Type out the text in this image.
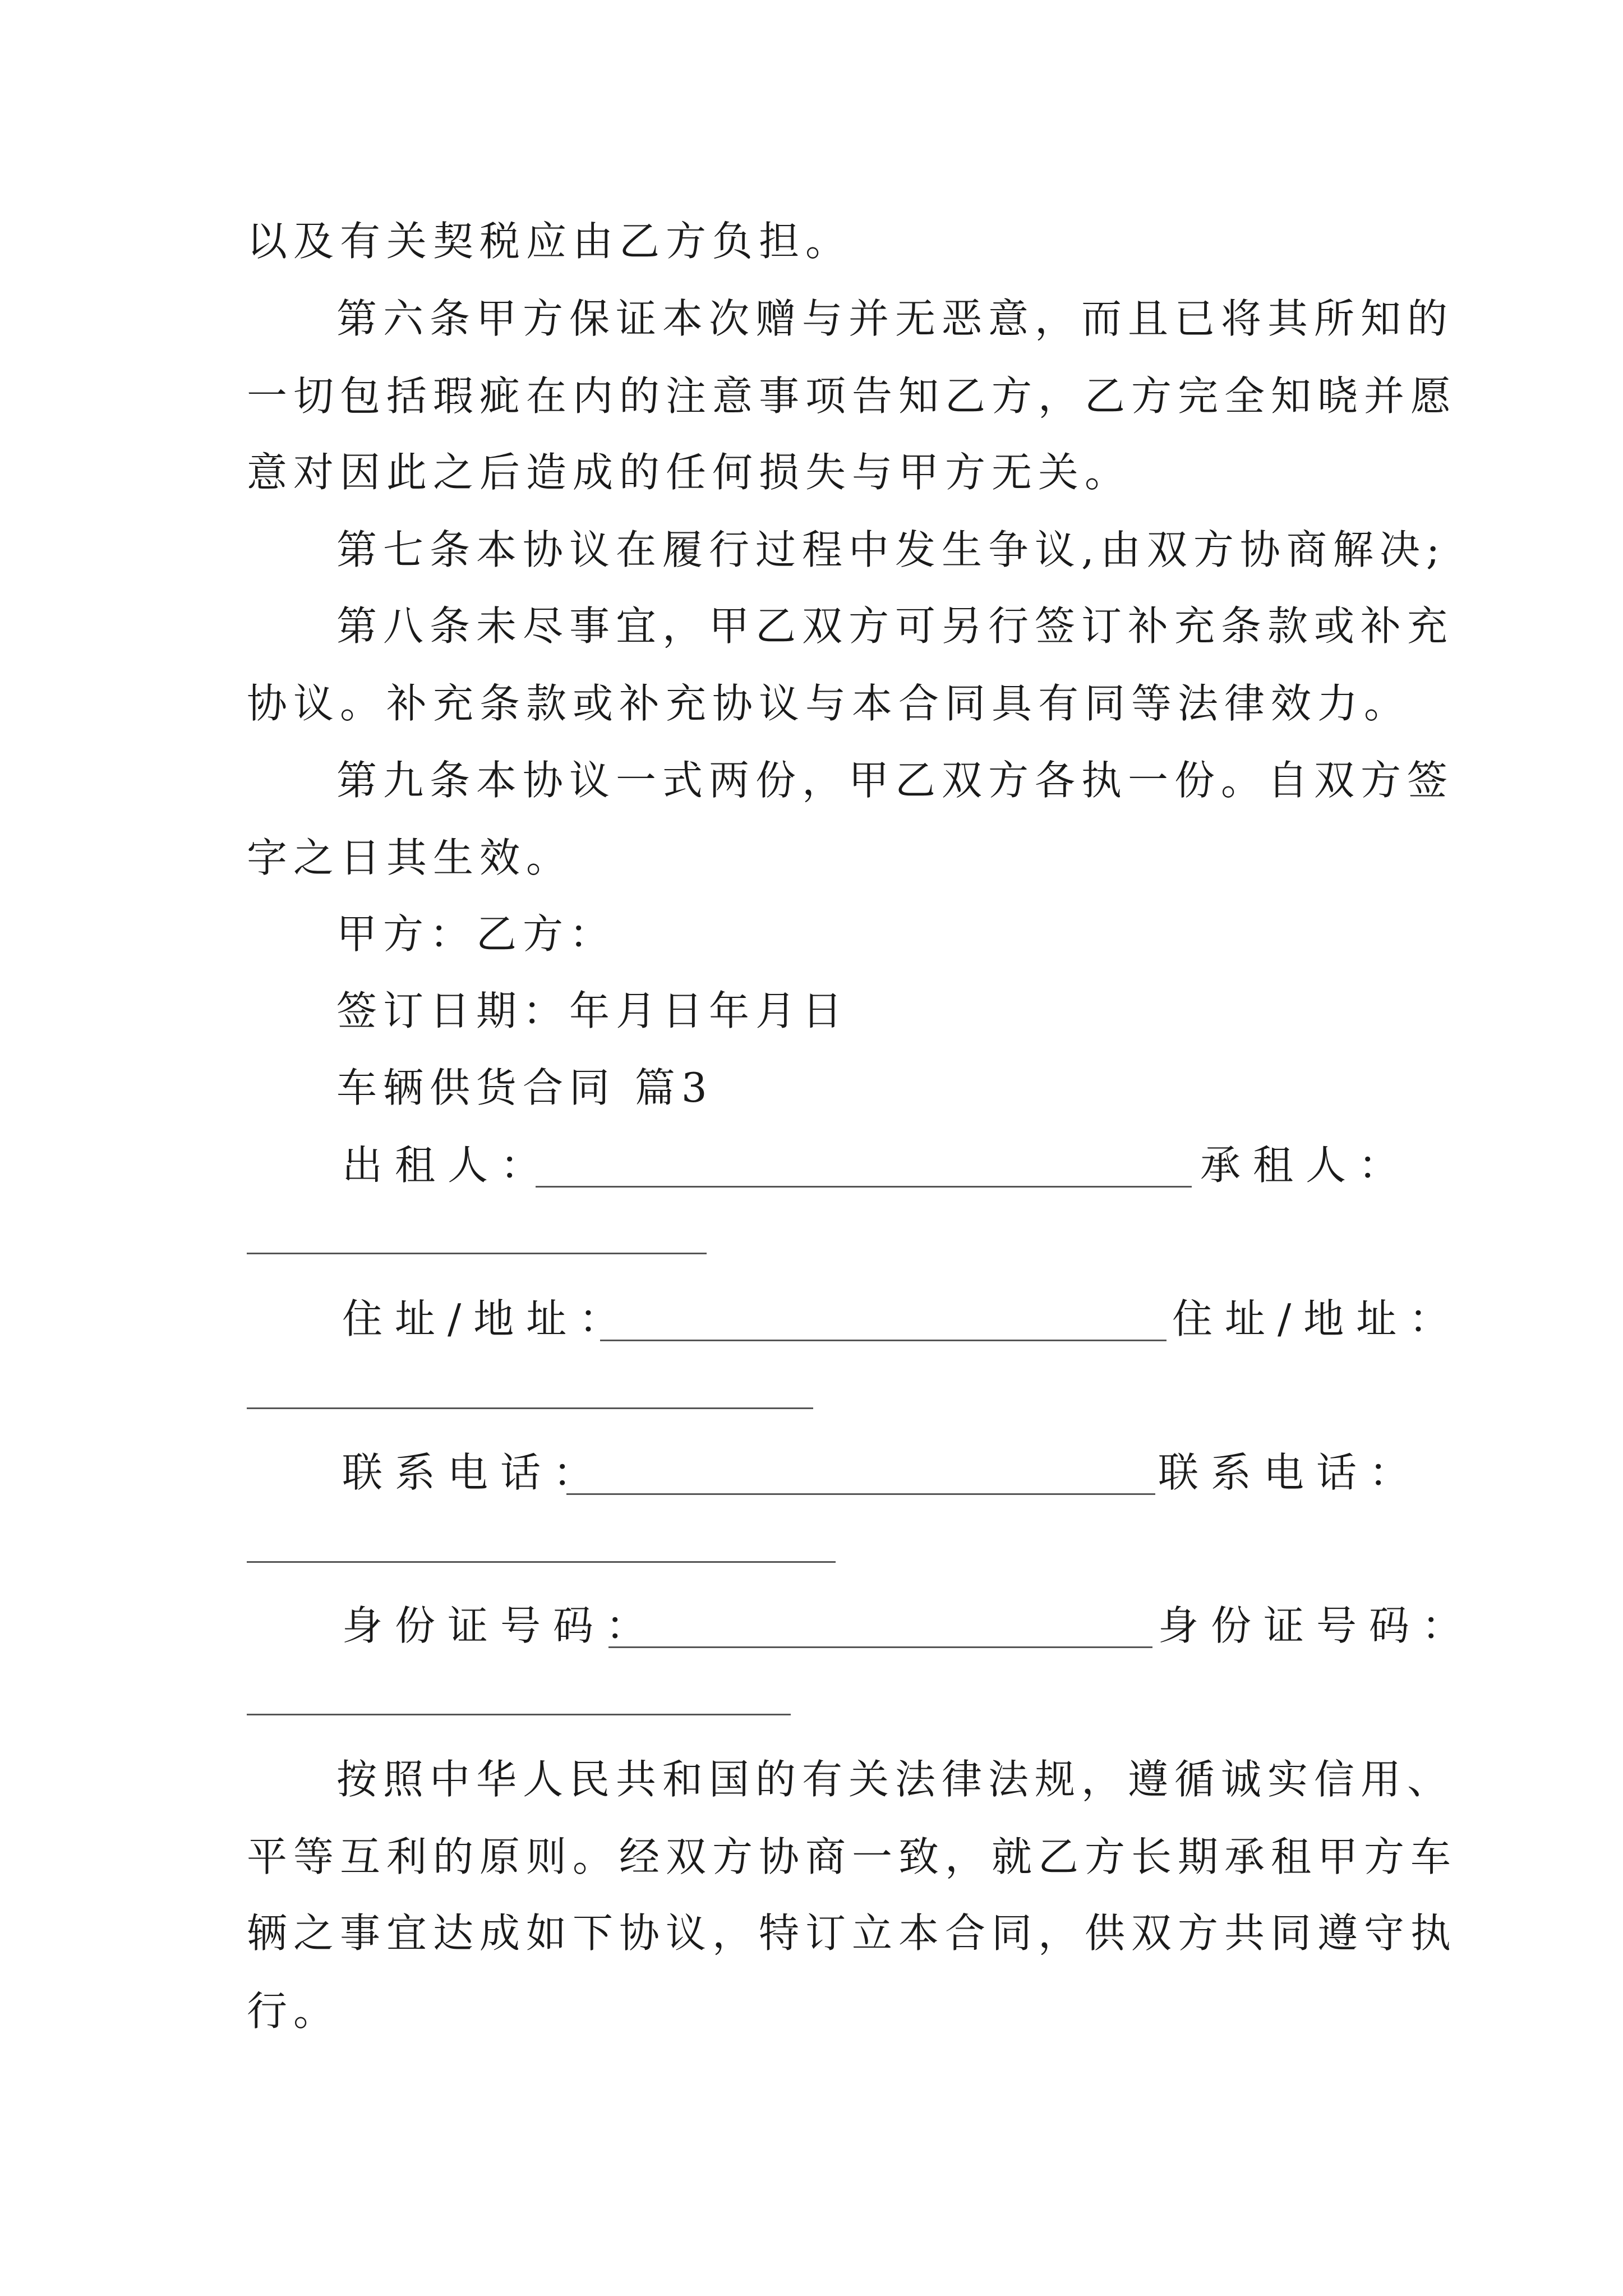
以及有关契税应由乙方负担。
第六条甲方保证本次赠与并无恶意，而且已将其所知的
一切包括瑕疵在内的注意事项告知乙方，乙方完全知晓并愿
意对因此之后造成的任何损失与甲方无关。
第七条本协议在履行过程中发生争议,由双方协商解决;
第八条未尽事宜，甲乙双方可另行签订补充条款或补充
协议。补充条款或补充协议与本合同具有同等法律效力。
第九条本协议一式两份，甲乙双方各执一份。自双方签
字之日其生效。
甲方：乙方：
签订日期：年月日年月日
车辆供货合同 篇3
出租人：	承租人：
住址/地址：	住址/地址：
联系电话：	联系电话：
身份证号码：	身份证号码：
按照中华人民共和国的有关法律法规，遵循诚实信用、
平等互利的原则。经双方协商一致，就乙方长期承租甲方车
辆之事宜达成如下协议，特订立本合同，供双方共同遵守执
行。
